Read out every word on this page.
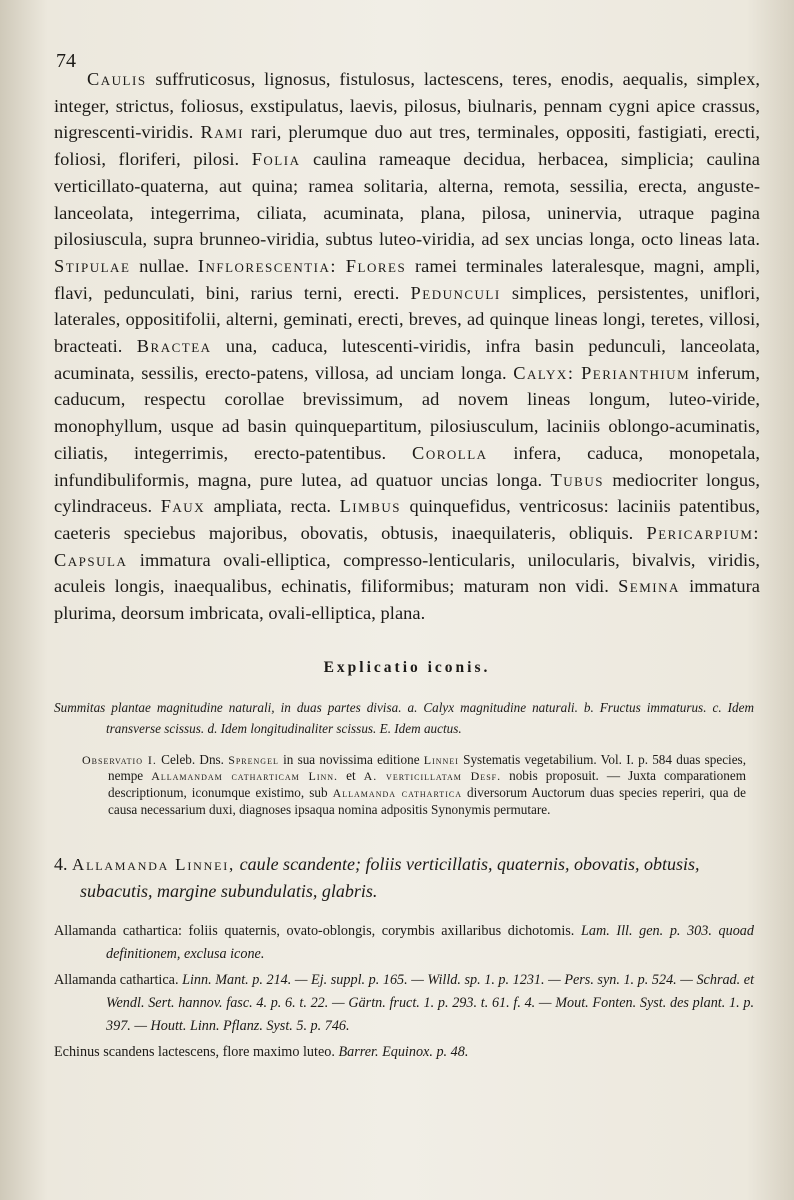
74
Caulis suffruticosus, lignosus, fistulosus, lactescens, teres, enodis, aequalis, simplex, integer, strictus, foliosus, exstipulatus, laevis, pilosus, biulnaris, pennam cygni apice crassus, nigrescenti-viridis. Rami rari, plerumque duo aut tres, terminales, oppositi, fastigiati, erecti, foliosi, floriferi, pilosi. Folia caulina rameaque decidua, herbacea, simplicia; caulina verticillato-quaterna, aut quina; ramea solitaria, alterna, remota, sessilia, erecta, anguste-lanceolata, integerrima, ciliata, acuminata, plana, pilosa, uninervia, utraque pagina pilosiuscula, supra brunneo-viridia, subtus luteo-viridia, ad sex uncias longa, octo lineas lata. Stipulae nullae. Inflorescentia: Flores ramei terminales lateralesque, magni, ampli, flavi, pedunculati, bini, rarius terni, erecti. Pedunculi simplices, persistentes, uniflori, laterales, oppositifolii, alterni, geminati, erecti, breves, ad quinque lineas longi, teretes, villosi, bracteati. Bractea una, caduca, lutescenti-viridis, infra basin pedunculi, lanceolata, acuminata, sessilis, erecto-patens, villosa, ad unciam longa. Calyx: Perianthium inferum, caducum, respectu corollae brevissimum, ad novem lineas longum, luteo-viride, monophyllum, usque ad basin quinquepartitum, pilosiusculum, laciniis oblongo-acuminatis, ciliatis, integerrimis, erecto-patentibus. Corolla infera, caduca, monopetala, infundibuliformis, magna, pure lutea, ad quatuor uncias longa. Tubus mediocriter longus, cylindraceus. Faux ampliata, recta. Limbus quinquefidus, ventricosus: laciniis patentibus, caeteris speciebus majoribus, obovatis, obtusis, inaequilateris, obliquis. Pericarpium: Capsula immatura ovali-elliptica, compresso-lenticularis, unilocularis, bivalvis, viridis, aculeis longis, inaequalibus, echinatis, filiformibus; maturam non vidi. Semina immatura plurima, deorsum imbricata, ovali-elliptica, plana.
Explicatio iconis.
Summitas plantae magnitudine naturali, in duas partes divisa. a. Calyx magnitudine naturali. b. Fructus immaturus. c. Idem transverse scissus. d. Idem longitudinaliter scissus. E. Idem auctus.
Observatio I. Celeb. Dns. Sprengel in sua novissima editione Linnei Systematis vegetabilium. Vol. I. p. 584 duas species, nempe Allamandam catharticam Linn. et A. verticillatam Desf. nobis proposuit. — Juxta comparationem descriptionum, iconumque existimo, sub Allamanda cathartica diversorum Auctorum duas species reperiri, qua de causa necessarium duxi, diagnoses ipsaqua nomina adpositis Synonymis permutare.
4. Allamanda Linnei, caule scandente; foliis verticillatis, quaternis, obovatis, obtusis, subacutis, margine subundulatis, glabris.
Allamanda cathartica: foliis quaternis, ovato-oblongis, corymbis axillaribus dichotomis. Lam. Ill. gen. p. 303. quoad definitionem, exclusa icone.
Allamanda cathartica. Linn. Mant. p. 214. — Ej. suppl. p. 165. — Willd. sp. 1. p. 1231. — Pers. syn. 1. p. 524. — Schrad. et Wendl. Sert. hannov. fasc. 4. p. 6. t. 22. — Gärtn. fruct. 1. p. 293. t. 61. f. 4. — Mout. Fonten. Syst. des plant. 1. p. 397. — Houtt. Linn. Pflanz. Syst. 5. p. 746.
Echinus scandens lactescens, flore maximo luteo. Barrer. Equinox. p. 48.
